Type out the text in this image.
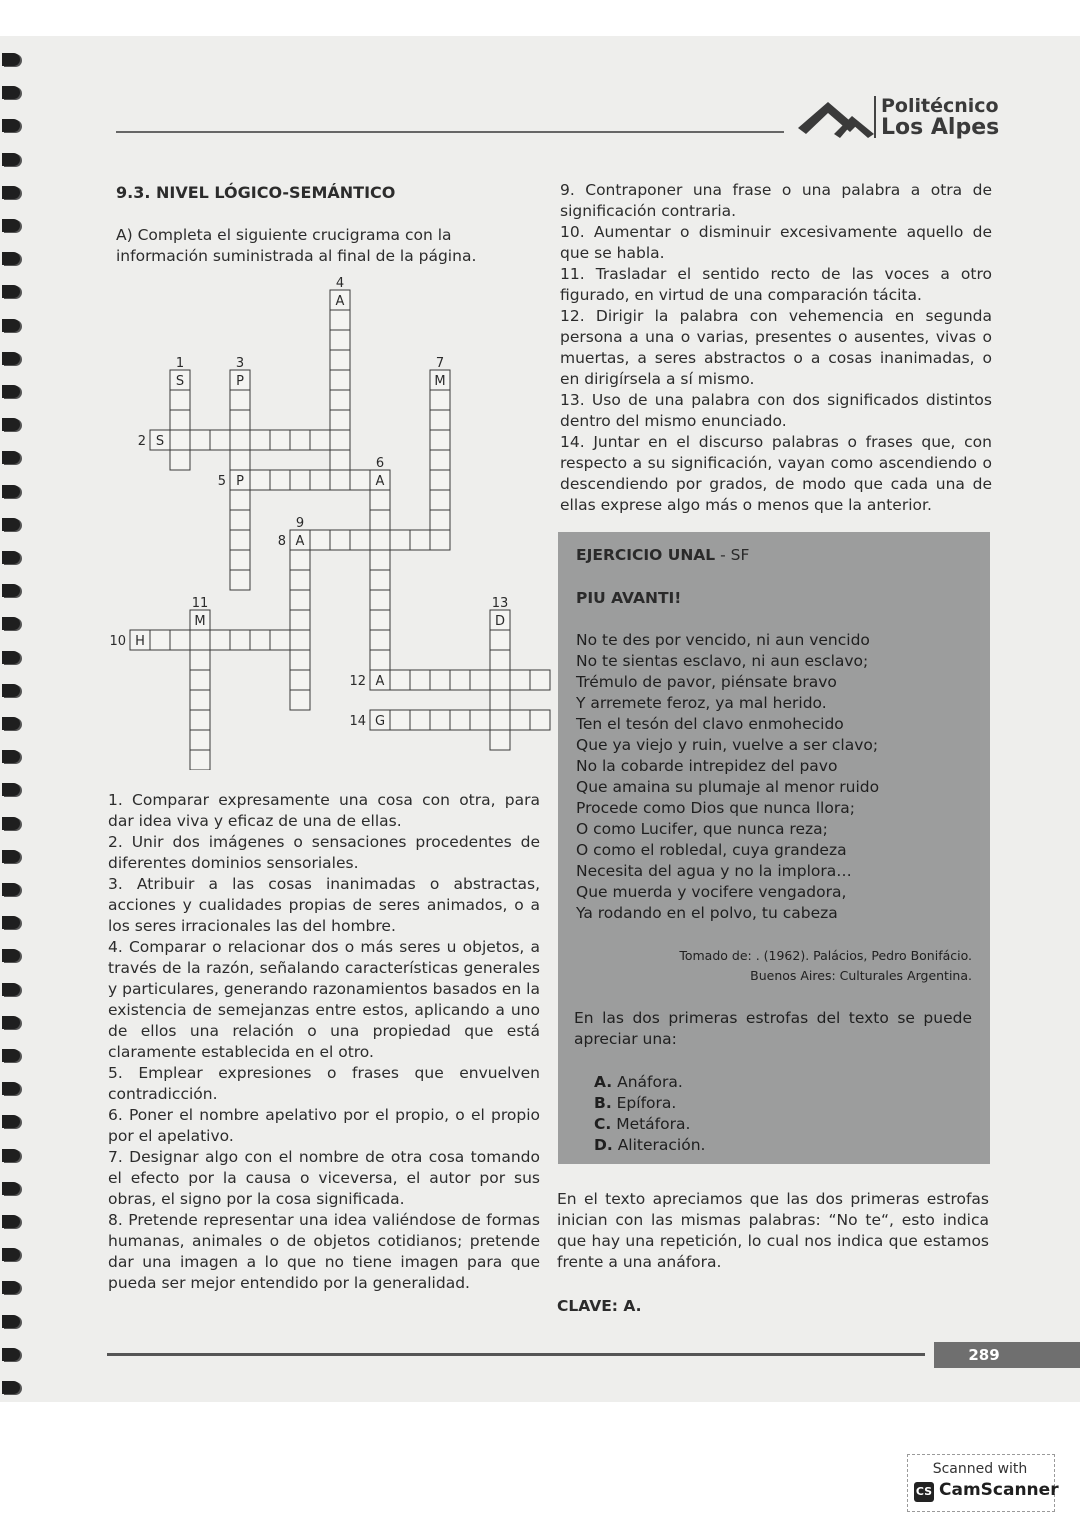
Politécnico
Los Alpes
9.3. NIVEL LÓGICO-SEMÁNTICO
A) Completa el siguiente crucigrama con la información suministrada al final de la página.
S
1
S
2
P
3
A
4
P
5	A
6
M
7
A
8
9
H
10
M
11
A
12
D
13
G
14

1. Comparar expresamente una cosa con otra, para dar idea viva y eficaz de una de ellas.

2. Unir dos imágenes o sensaciones procedentes de diferentes dominios sensoriales.

3. Atribuir a las cosas inanimadas o abstractas, acciones y cualidades propias de seres animados, o a los seres irracionales las del hombre.

4. Comparar o relacionar dos o más seres u objetos, a través de la razón, señalando características generales y particulares, generando razonamientos basados en la existencia de semejanzas entre estos, aplicando a uno de ellos una relación o una propiedad que está claramente establecida en el otro.

5. Emplear expresiones o frases que envuelven contradicción.

6. Poner el nombre apelativo por el propio, o el propio por el apelativo.

7. Designar algo con el nombre de otra cosa tomando el efecto por la causa o viceversa, el autor por sus obras, el signo por la cosa significada.

8. Pretende representar una idea valiéndose de formas humanas, animales o de objetos cotidianos; pretende dar una imagen a lo que no tiene imagen para que pueda ser mejor entendido por la generalidad.

9. Contraponer una frase o una palabra a otra de significación contraria.

10. Aumentar o disminuir excesivamente aquello de que se habla.

11. Trasladar el sentido recto de las voces a otro figurado, en virtud de una comparación tácita.

12. Dirigir la palabra con vehemencia en segunda persona a una o varias, presentes o ausentes, vivas o muertas, a seres abstractos o a cosas inanimadas, o en dirigírsela a sí mismo.

13. Uso de una palabra con dos significados distintos dentro del mismo enunciado.

14. Juntar en el discurso palabras o frases que, con respecto a su significación, vayan como ascendiendo o descendiendo por grados, de modo que cada una de ellas exprese algo más o menos que la anterior.

EJERCICIO UNAL - SF
PIU AVANTI!
No te des por vencido, ni aun vencido
No te sientas esclavo, ni aun esclavo;
Trémulo de pavor, piénsate bravo
Y arremete feroz, ya mal herido.
Ten el tesón del clavo enmohecido
Que ya viejo y ruin, vuelve a ser clavo;
No la cobarde intrepidez del pavo
Que amaina su plumaje al menor ruido
Procede como Dios que nunca llora;
O como Lucifer, que nunca reza;
O como el robledal, cuya grandeza
Necesita del agua y no la implora…
Que muerda y vocifere vengadora,
Ya rodando en el polvo, tu cabeza
Tomado de: . (1962). Palácios, Pedro Bonifácio.
Buenos Aires: Culturales Argentina.
En las dos primeras estrofas del texto se puede apreciar una:
A. Anáfora.
B. Epífora.
C. Metáfora.
D. Aliteración.
En el texto apreciamos que las dos primeras estrofas inician con las mismas palabras: “No te“, esto indica que hay una repetición, lo cual nos indica que estamos frente a una anáfora.
CLAVE: A.
289
Scanned with
CS CamScanner
